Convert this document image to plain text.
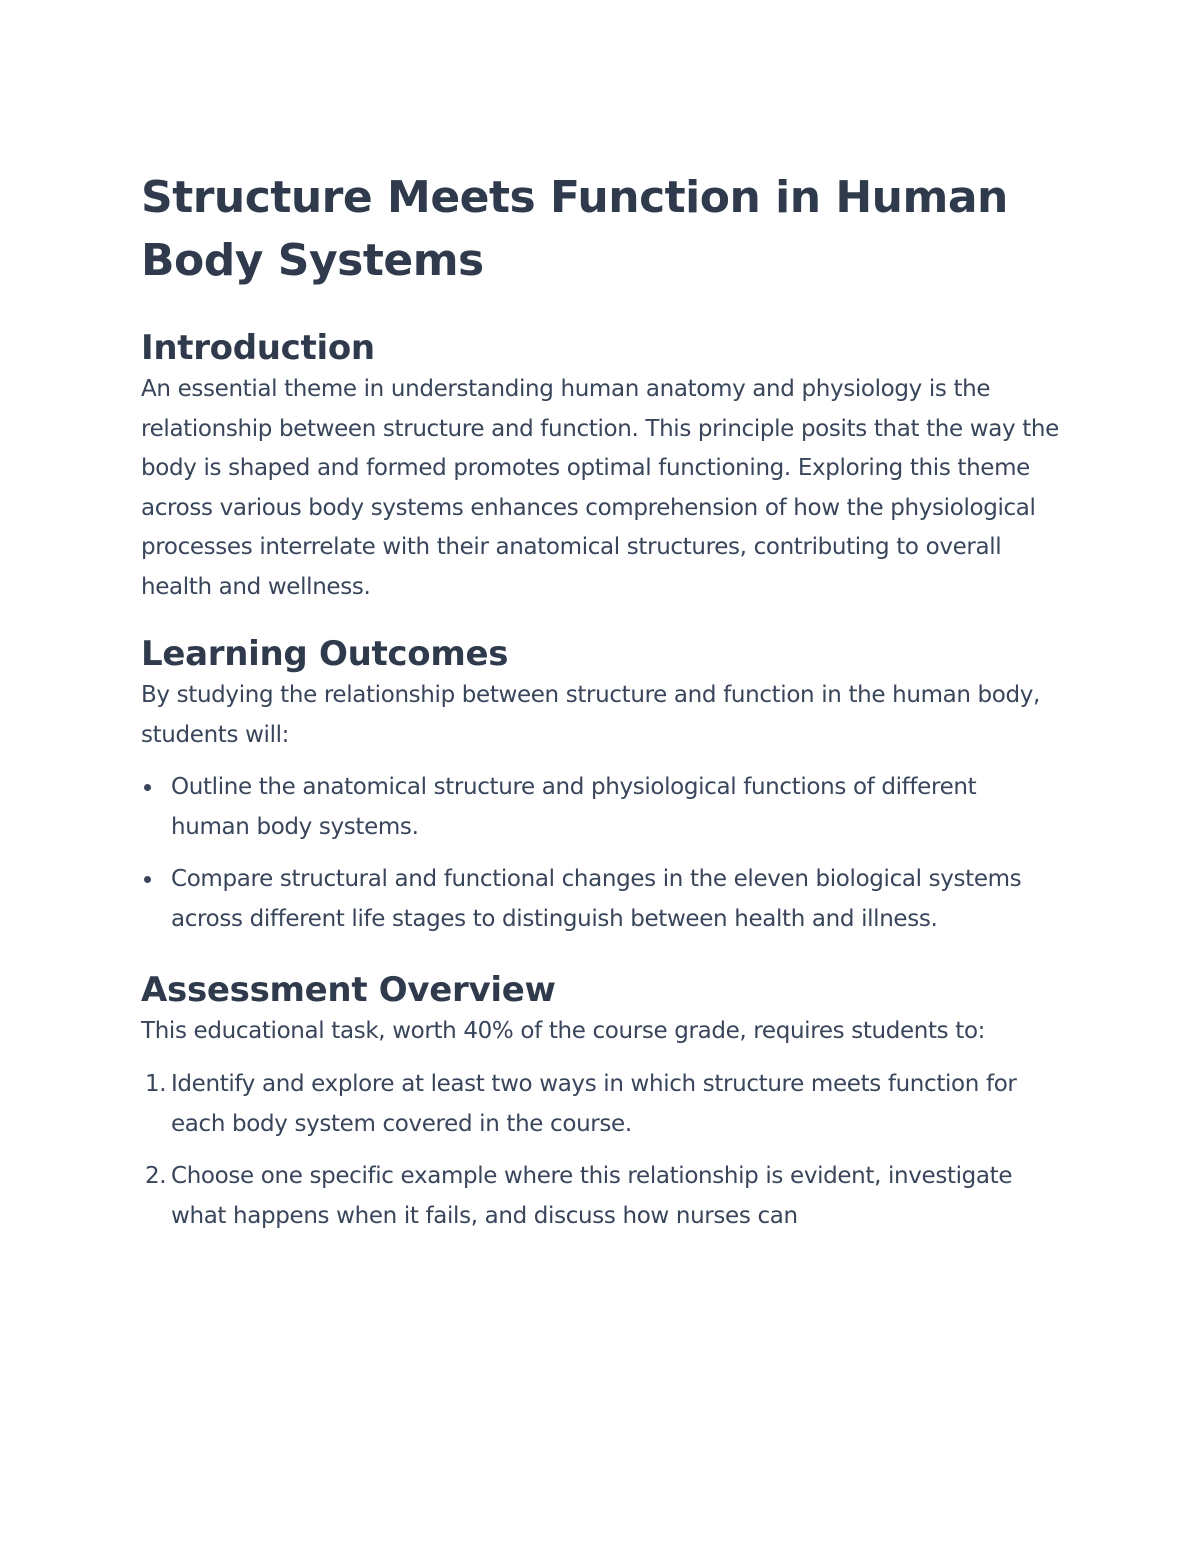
Structure Meets Function in Human Body Systems
Introduction

An essential theme in understanding human anatomy and physiology is the relationship between structure and function. This principle posits that the way the body is shaped and formed promotes optimal functioning. Exploring this theme across various body systems enhances comprehension of how the physiological processes interrelate with their anatomical structures, contributing to overall health and wellness.

Learning Outcomes

By studying the relationship between structure and function in the human body, students will:

Outline the anatomical structure and physiological functions of different human body systems.
Compare structural and functional changes in the eleven biological systems across different life stages to distinguish between health and illness.
Assessment Overview

This educational task, worth 40% of the course grade, requires students to:

1. Identify and explore at least two ways in which structure meets function for each body system covered in the course.
2. Choose one specific example where this relationship is evident, investigate what happens when it fails, and discuss how nurses can
